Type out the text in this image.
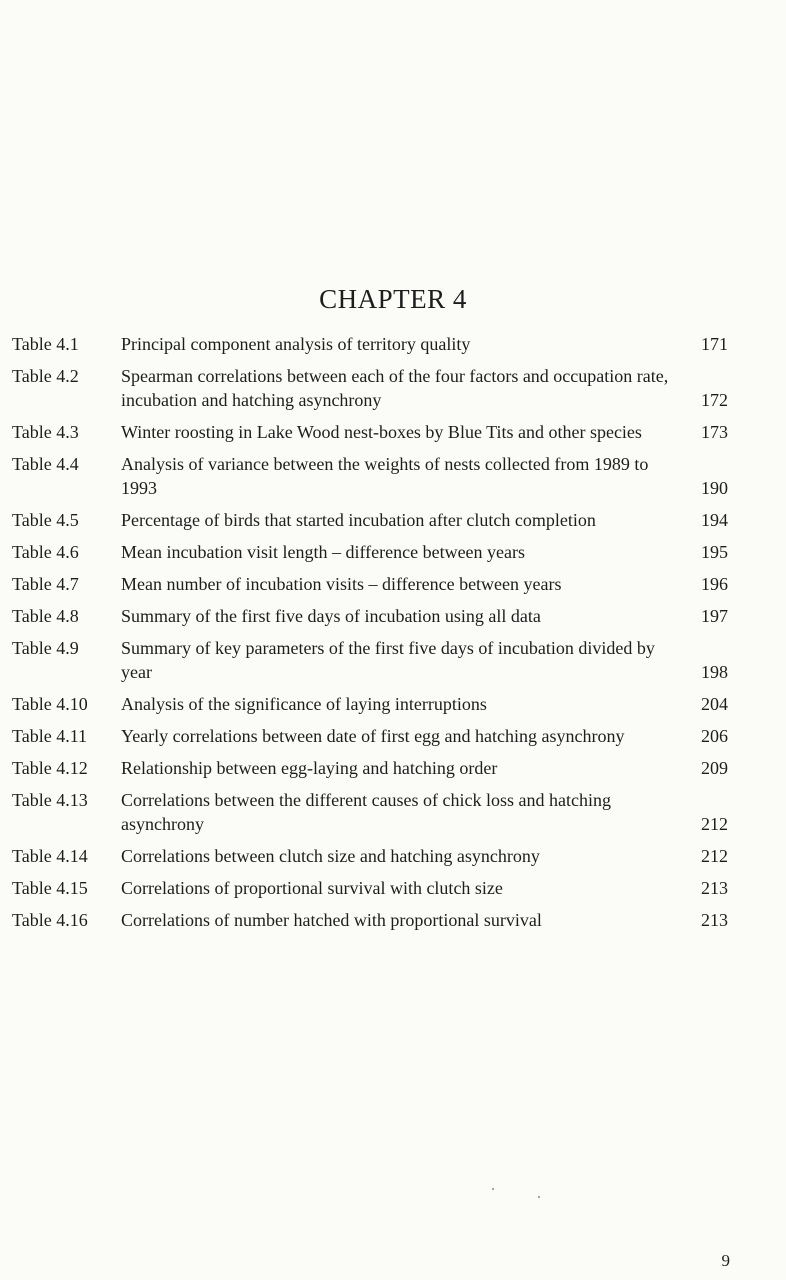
CHAPTER 4
Table 4.1	Principal component analysis of territory quality	171
Table 4.2	Spearman correlations between each of the four factors and occupation rate, incubation and hatching asynchrony	172
Table 4.3	Winter roosting in Lake Wood nest-boxes by Blue Tits and other species	173
Table 4.4	Analysis of variance between the weights of nests collected from 1989 to 1993	190
Table 4.5	Percentage of birds that started incubation after clutch completion	194
Table 4.6	Mean incubation visit length – difference between years	195
Table 4.7	Mean number of incubation visits – difference between years	196
Table 4.8	Summary of the first five days of incubation using all data	197
Table 4.9	Summary of key parameters of the first five days of incubation divided by year	198
Table 4.10	Analysis of the significance of laying interruptions	204
Table 4.11	Yearly correlations between date of first egg and hatching asynchrony	206
Table 4.12	Relationship between egg-laying and hatching order	209
Table 4.13	Correlations between the different causes of chick loss and hatching asynchrony	212
Table 4.14	Correlations between clutch size and hatching asynchrony	212
Table 4.15	Correlations of proportional survival with clutch size	213
Table 4.16	Correlations of number hatched with proportional survival	213
9
